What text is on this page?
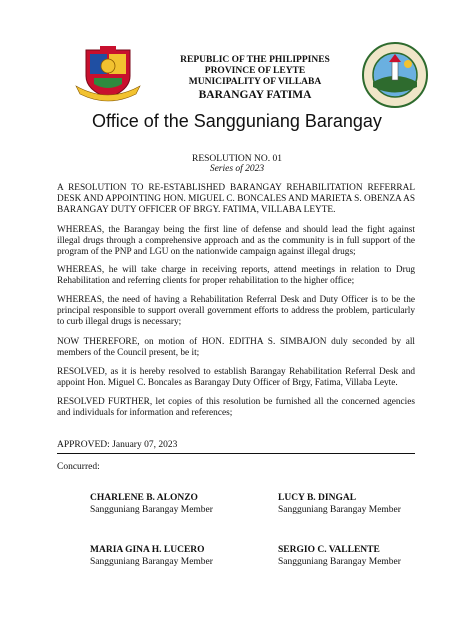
REPUBLIC OF THE PHILIPPINES
PROVINCE OF LEYTE
MUNICIPALITY OF VILLABA
BARANGAY FATIMA
Office of the Sangguniang Barangay
RESOLUTION NO. 01
Series of 2023
A RESOLUTION TO RE-ESTABLISHED BARANGAY REHABILITATION REFERRAL DESK AND APPOINTING HON. MIGUEL C. BONCALES AND MARIETA S. OBENZA AS BARANGAY DUTY OFFICER OF BRGY. FATIMA, VILLABA LEYTE.
WHEREAS, the Barangay being the first line of defense and should lead the fight against illegal drugs through a comprehensive approach and as the community is in full support of the program of the PNP and LGU on the nationwide campaign against illegal drugs;
WHEREAS, he will take charge in receiving reports, attend meetings in relation to Drug Rehabilitation and referring clients for proper rehabilitation to the higher office;
WHEREAS, the need of having a Rehabilitation Referral Desk and Duty Officer is to be the principal responsible to support overall government efforts to address the problem, particularly to curb illegal drugs is necessary;
NOW THEREFORE, on motion of HON. EDITHA S. SIMBAJON duly seconded by all members of the Council present, be it;
RESOLVED, as it is hereby resolved to establish Barangay Rehabilitation Referral Desk and appoint Hon. Miguel C. Boncales as Barangay Duty Officer of Brgy, Fatima, Villaba Leyte.
RESOLVED FURTHER, let copies of this resolution be furnished all the concerned agencies and individuals for information and references;
APPROVED: January 07, 2023
Concurred:
CHARLENE B. ALONZO
Sangguniang Barangay Member
LUCY B. DINGAL
Sangguniang Barangay Member
MARIA GINA H. LUCERO
Sangguniang Barangay Member
SERGIO C. VALLENTE
Sangguniang Barangay Member
